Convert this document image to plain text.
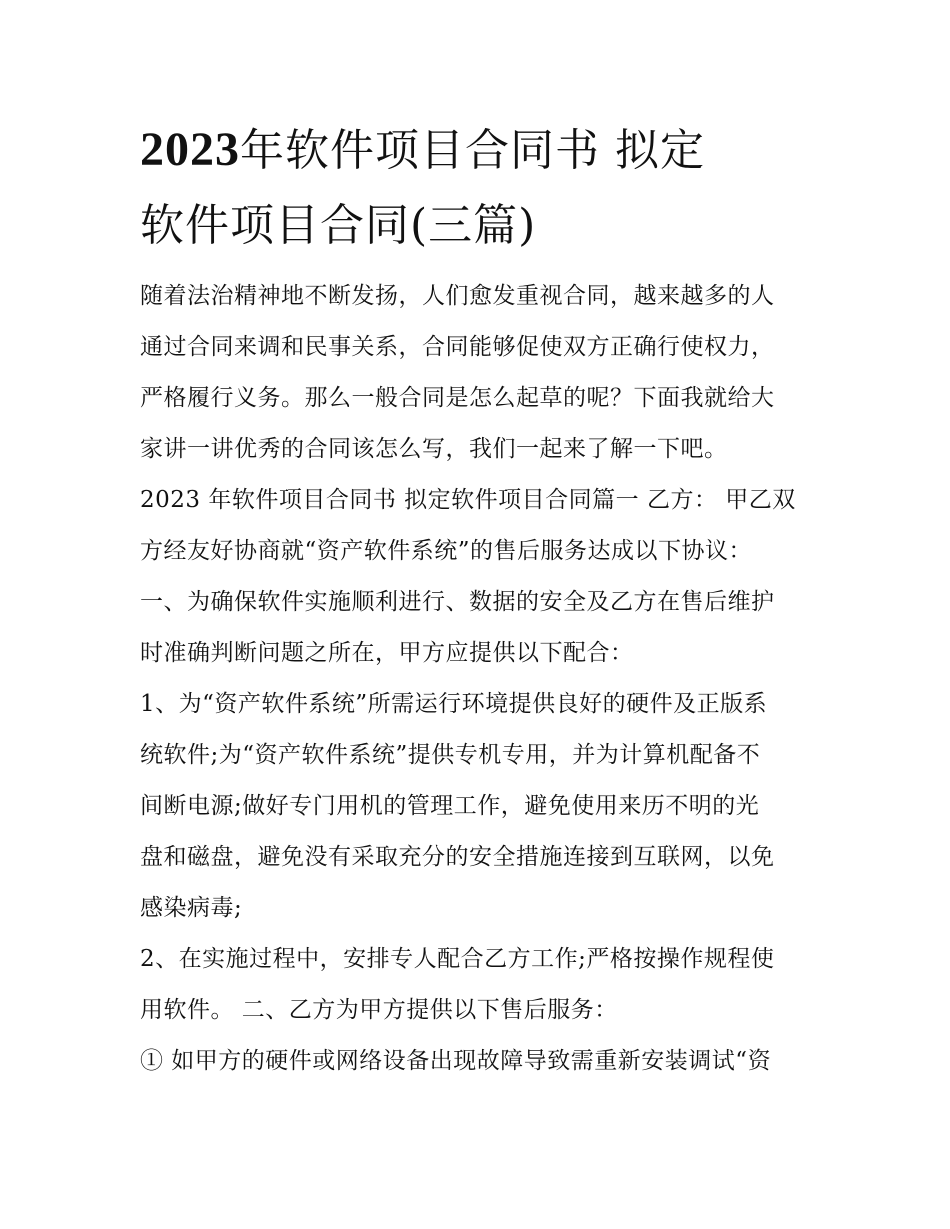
2023年软件项目合同书 拟定
软件项目合同(三篇)

随着法治精神地不断发扬，人们愈发重视合同，越来越多的人

通过合同来调和民事关系，合同能够促使双方正确行使权力，

严格履行义务。那么一般合同是怎么起草的呢？下面我就给大

家讲一讲优秀的合同该怎么写，我们一起来了解一下吧。

2023 年软件项目合同书 拟定软件项目合同篇一 乙方： 甲乙双

方经友好协商就“资产软件系统”的售后服务达成以下协议：

一、为确保软件实施顺利进行、数据的安全及乙方在售后维护

时准确判断问题之所在，甲方应提供以下配合：

1、为“资产软件系统”所需运行环境提供良好的硬件及正版系

统软件;为“资产软件系统”提供专机专用，并为计算机配备不

间断电源;做好专门用机的管理工作，避免使用来历不明的光

盘和磁盘，避免没有采取充分的安全措施连接到互联网，以免

感染病毒;

2、在实施过程中，安排专人配合乙方工作;严格按操作规程使

用软件。 二、乙方为甲方提供以下售后服务：

① 如甲方的硬件或网络设备出现故障导致需重新安装调试“资
